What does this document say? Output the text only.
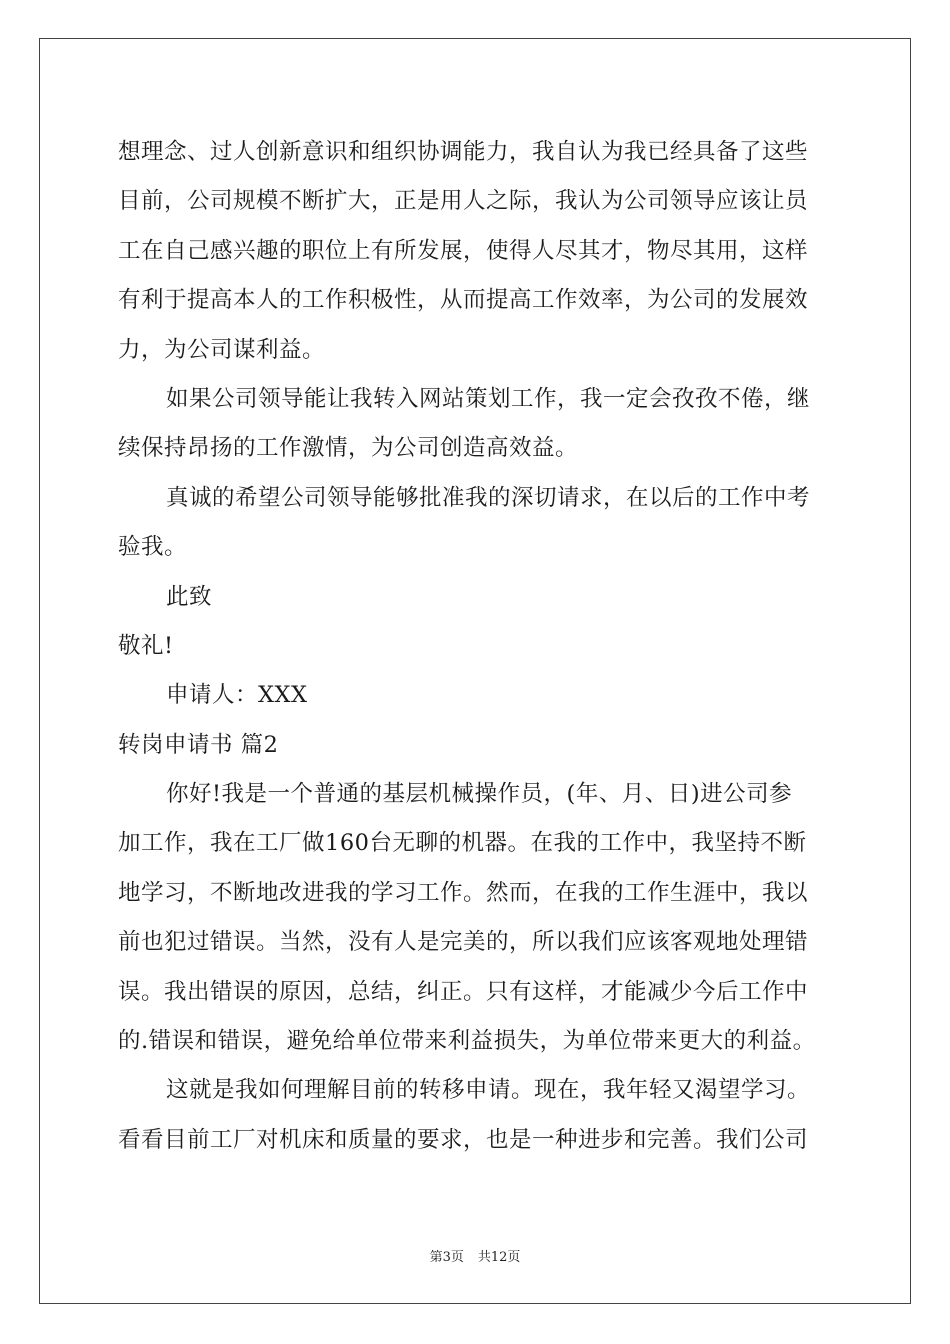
想理念、过人创新意识和组织协调能力，我自认为我已经具备了这些
目前，公司规模不断扩大，正是用人之际，我认为公司领导应该让员
工在自己感兴趣的职位上有所发展，使得人尽其才，物尽其用，这样
有利于提高本人的工作积极性，从而提高工作效率，为公司的发展效
力，为公司谋利益。
如果公司领导能让我转入网站策划工作，我一定会孜孜不倦，继
续保持昂扬的工作激情，为公司创造高效益。
真诚的希望公司领导能够批准我的深切请求，在以后的工作中考
验我。
此致
敬礼!
申请人：XXX
转岗申请书 篇2
你好!我是一个普通的基层机械操作员，(年、月、日)进公司参
加工作，我在工厂做160台无聊的机器。在我的工作中，我坚持不断
地学习，不断地改进我的学习工作。然而，在我的工作生涯中，我以
前也犯过错误。当然，没有人是完美的，所以我们应该客观地处理错
误。我出错误的原因，总结，纠正。只有这样，才能减少今后工作中
的.错误和错误，避免给单位带来利益损失，为单位带来更大的利益。
这就是我如何理解目前的转移申请。现在，我年轻又渴望学习。
看看目前工厂对机床和质量的要求，也是一种进步和完善。我们公司
第3页 共12页
